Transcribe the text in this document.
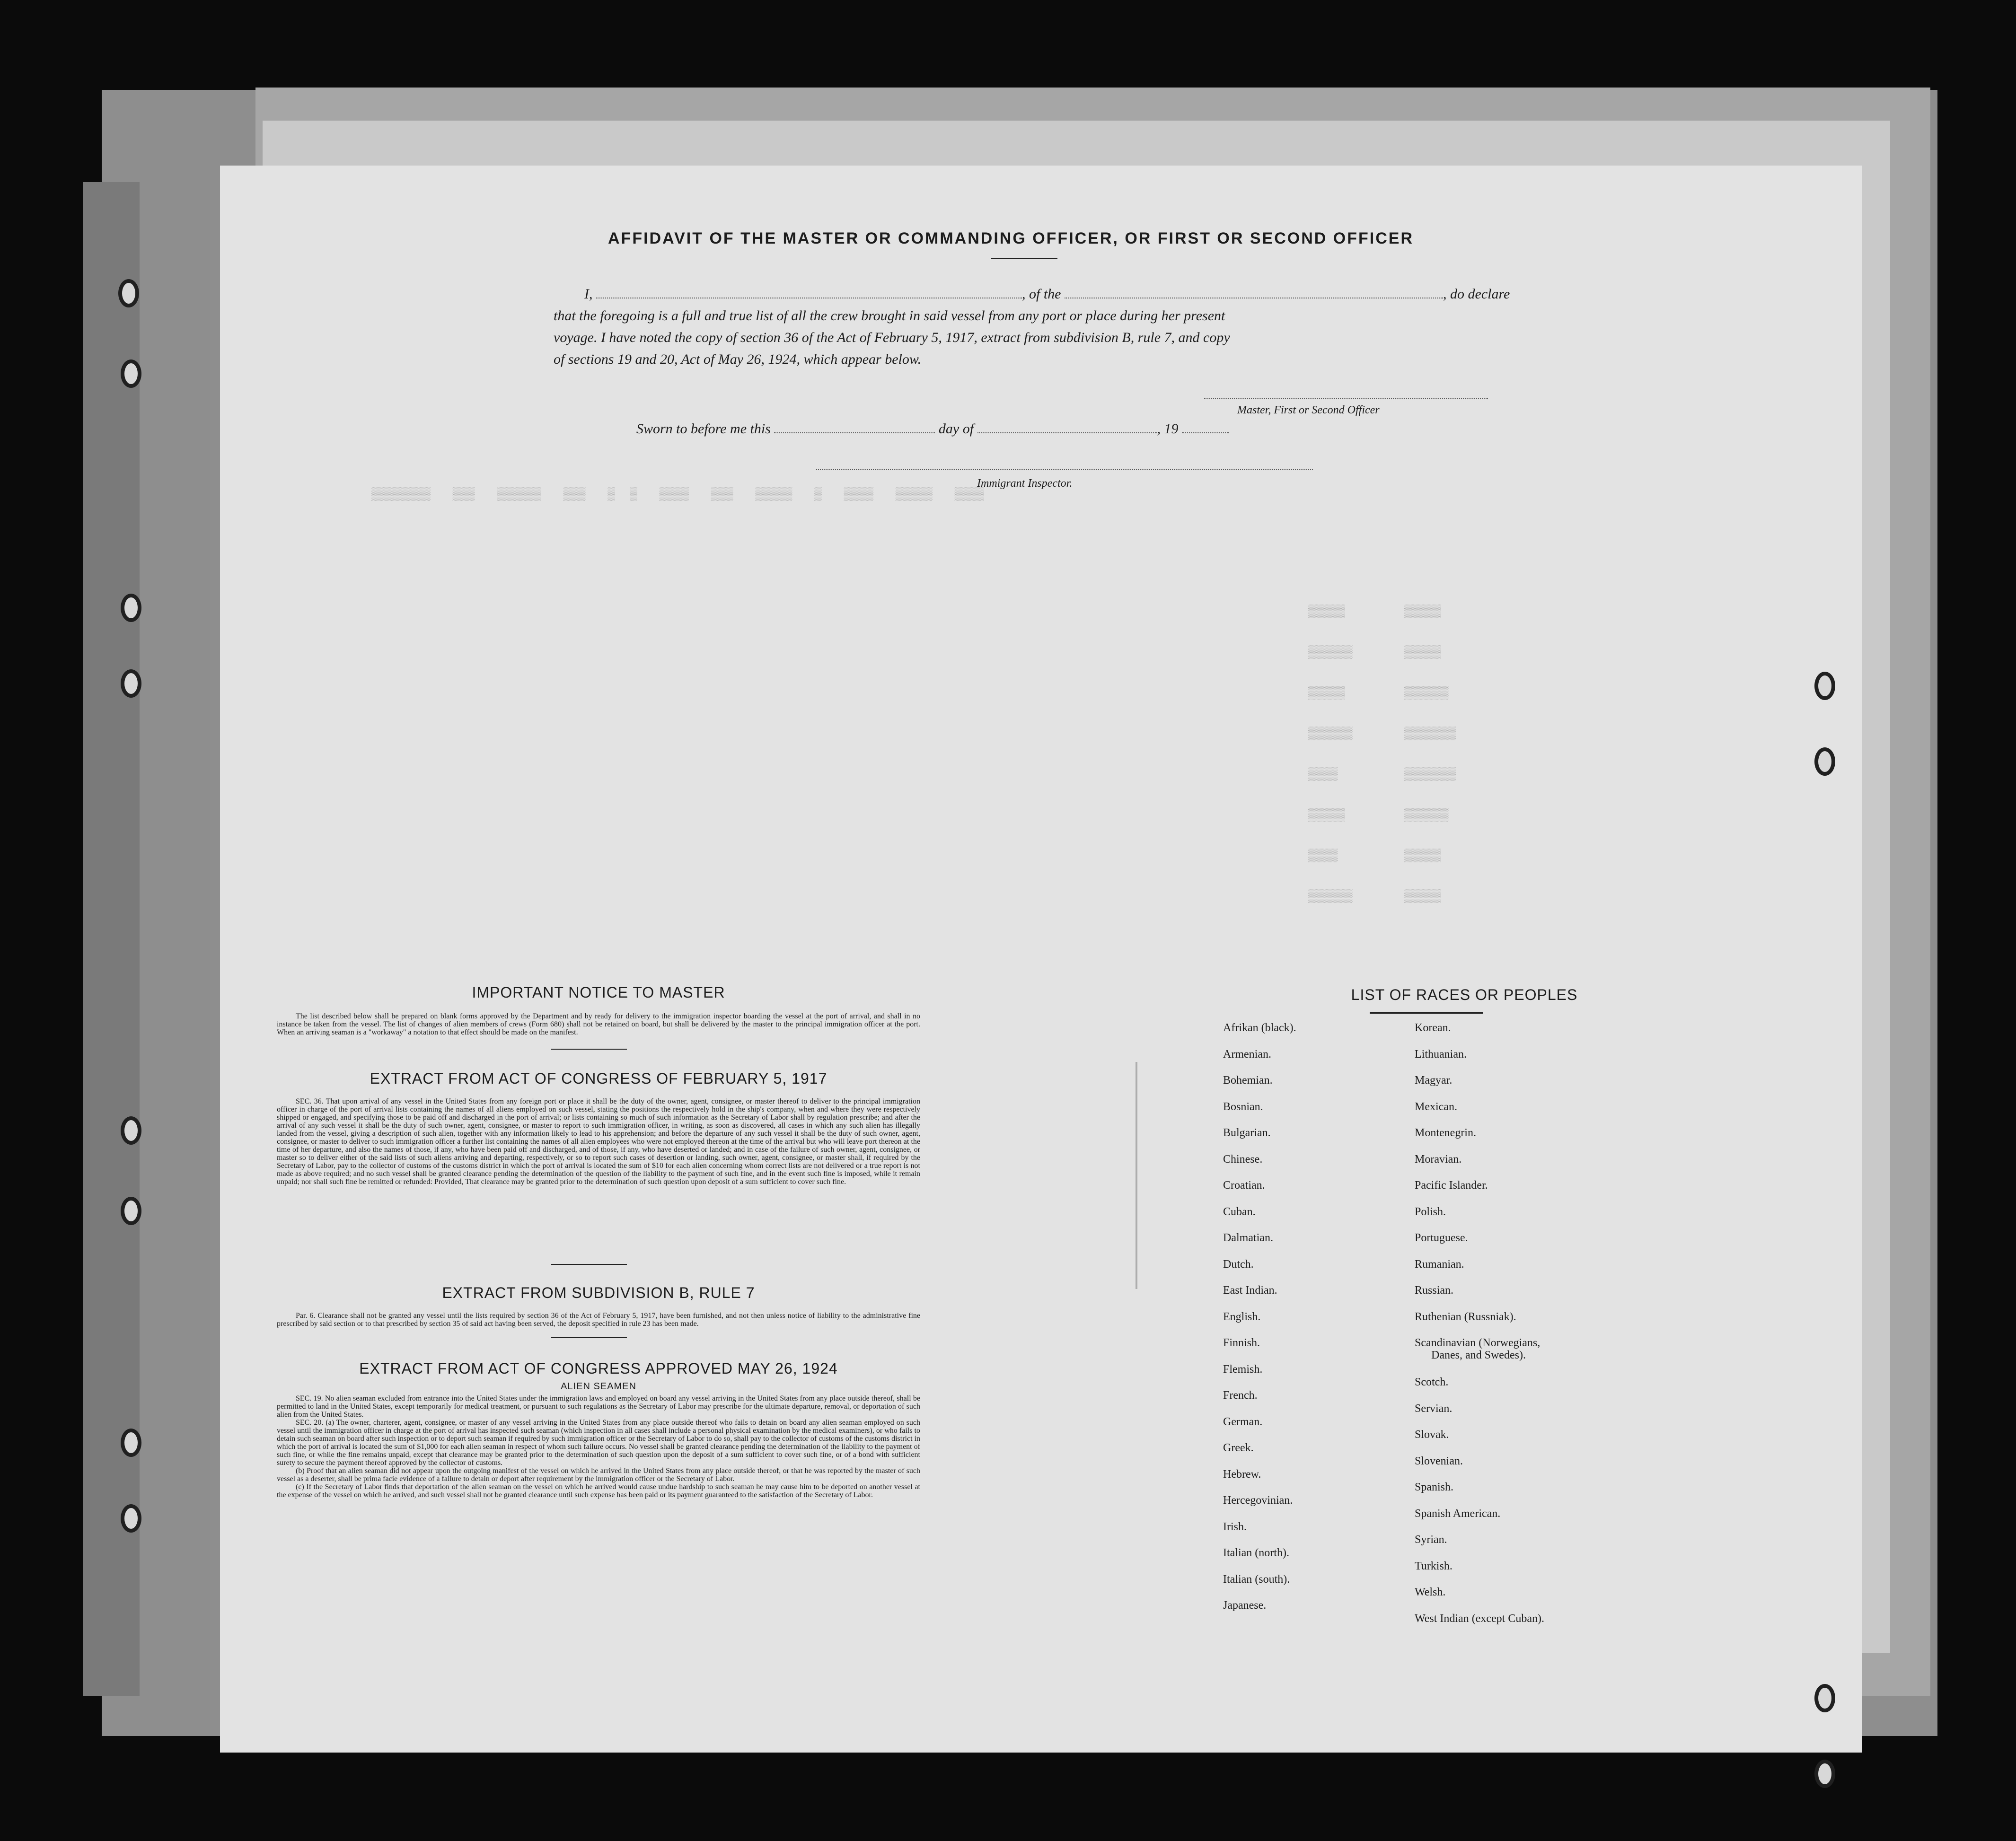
▒▒▒▒▒▒▒▒   ▒▒▒   ▒▒▒▒▒▒   ▒▒▒   ▒  ▒   ▒▒▒▒   ▒▒▒   ▒▒▒▒▒   ▒   ▒▒▒▒   ▒▒▒▒▒   ▒▒▒▒
▒▒▒▒▒        ▒▒▒▒▒
▒▒▒▒▒▒       ▒▒▒▒▒
▒▒▒▒▒        ▒▒▒▒▒▒
▒▒▒▒▒▒       ▒▒▒▒▒▒▒
▒▒▒▒         ▒▒▒▒▒▒▒
▒▒▒▒▒        ▒▒▒▒▒▒
▒▒▒▒         ▒▒▒▒▒
▒▒▒▒▒▒       ▒▒▒▒▒
AFFIDAVIT OF THE MASTER OR COMMANDING OFFICER, OR FIRST OR SECOND OFFICER
I,	, of the	, do declare
that the foregoing is a full and true list of all the crew brought in said vessel from any port or place during her present
voyage. I have noted the copy of section 36 of the Act of February 5, 1917, extract from subdivision B, rule 7, and copy
of sections 19 and 20, Act of May 26, 1924, which appear below.
Master, First or Second Officer
Sworn to before me this	day of	, 19
Immigrant Inspector.
IMPORTANT NOTICE TO MASTER
The list described below shall be prepared on blank forms approved by the Department and by ready for delivery to the immigration inspector boarding the vessel at the port of arrival, and shall in no instance be taken from the vessel. The list of changes of alien members of crews (Form 680) shall not be retained on board, but shall be delivered by the master to the principal immigration officer at the port. When an arriving seaman is a "workaway" a notation to that effect should be made on the manifest.
EXTRACT FROM ACT OF CONGRESS OF FEBRUARY 5, 1917
SEC. 36. That upon arrival of any vessel in the United States from any foreign port or place it shall be the duty of the owner, agent, consignee, or master thereof to deliver to the principal immigration officer in charge of the port of arrival lists containing the names of all aliens employed on such vessel, stating the positions the respectively hold in the ship's company, when and where they were respectively shipped or engaged, and specifying those to be paid off and discharged in the port of arrival; or lists containing so much of such information as the Secretary of Labor shall by regulation prescribe; and after the arrival of any such vessel it shall be the duty of such owner, agent, consignee, or master to report to such immigration officer, in writing, as soon as discovered, all cases in which any such alien has illegally landed from the vessel, giving a description of such alien, together with any information likely to lead to his apprehension; and before the departure of any such vessel it shall be the duty of such owner, agent, consignee, or master to deliver to such immigration officer a further list containing the names of all alien employees who were not employed thereon at the time of the arrival but who will leave port thereon at the time of her departure, and also the names of those, if any, who have been paid off and discharged, and of those, if any, who have deserted or landed; and in case of the failure of such owner, agent, consignee, or master so to deliver either of the said lists of such aliens arriving and departing, respectively, or so to report such cases of desertion or landing, such owner, agent, consignee, or master shall, if required by the Secretary of Labor, pay to the collector of customs of the customs district in which the port of arrival is located the sum of $10 for each alien concerning whom correct lists are not delivered or a true report is not made as above required; and no such vessel shall be granted clearance pending the determination of the question of the liability to the payment of such fine, and in the event such fine is imposed, while it remain unpaid; nor shall such fine be remitted or refunded: Provided, That clearance may be granted prior to the determination of such question upon deposit of a sum sufficient to cover such fine.
EXTRACT FROM SUBDIVISION B, RULE 7
Par. 6. Clearance shall not be granted any vessel until the lists required by section 36 of the Act of February 5, 1917, have been furnished, and not then unless notice of liability to the administrative fine prescribed by said section or to that prescribed by section 35 of said act having been served, the deposit specified in rule 23 has been made.
EXTRACT FROM ACT OF CONGRESS APPROVED MAY 26, 1924
ALIEN SEAMEN
SEC. 19. No alien seaman excluded from entrance into the United States under the immigration laws and employed on board any vessel arriving in the United States from any place outside thereof, shall be permitted to land in the United States, except temporarily for medical treatment, or pursuant to such regulations as the Secretary of Labor may prescribe for the ultimate departure, removal, or deportation of such alien from the United States.
SEC. 20. (a) The owner, charterer, agent, consignee, or master of any vessel arriving in the United States from any place outside thereof who fails to detain on board any alien seaman employed on such vessel until the immigration officer in charge at the port of arrival has inspected such seaman (which inspection in all cases shall include a personal physical examination by the medical examiners), or who fails to detain such seaman on board after such inspection or to deport such seaman if required by such immigration officer or the Secretary of Labor to do so, shall pay to the collector of customs of the customs district in which the port of arrival is located the sum of $1,000 for each alien seaman in respect of whom such failure occurs. No vessel shall be granted clearance pending the determination of the liability to the payment of such fine, or while the fine remains unpaid, except that clearance may be granted prior to the determination of such question upon the deposit of a sum sufficient to cover such fine, or of a bond with sufficient surety to secure the payment thereof approved by the collector of customs.
(b) Proof that an alien seaman did not appear upon the outgoing manifest of the vessel on which he arrived in the United States from any place outside thereof, or that he was reported by the master of such vessel as a deserter, shall be prima facie evidence of a failure to detain or deport after requirement by the immigration officer or the Secretary of Labor.
(c) If the Secretary of Labor finds that deportation of the alien seaman on the vessel on which he arrived would cause undue hardship to such seaman he may cause him to be deported on another vessel at the expense of the vessel on which he arrived, and such vessel shall not be granted clearance until such expense has been paid or its payment guaranteed to the satisfaction of the Secretary of Labor.
LIST OF RACES OR PEOPLES
Afrikan (black).
Armenian.
Bohemian.
Bosnian.
Bulgarian.
Chinese.
Croatian.
Cuban.
Dalmatian.
Dutch.
East Indian.
English.
Finnish.
Flemish.
French.
German.
Greek.
Hebrew.
Hercegovinian.
Irish.
Italian (north).
Italian (south).
Japanese.
Korean.
Lithuanian.
Magyar.
Mexican.
Montenegrin.
Moravian.
Pacific Islander.
Polish.
Portuguese.
Rumanian.
Russian.
Ruthenian (Russniak).
Scandinavian (Norwegians,
Danes, and Swedes).
Scotch.
Servian.
Slovak.
Slovenian.
Spanish.
Spanish American.
Syrian.
Turkish.
Welsh.
West Indian (except Cuban).
